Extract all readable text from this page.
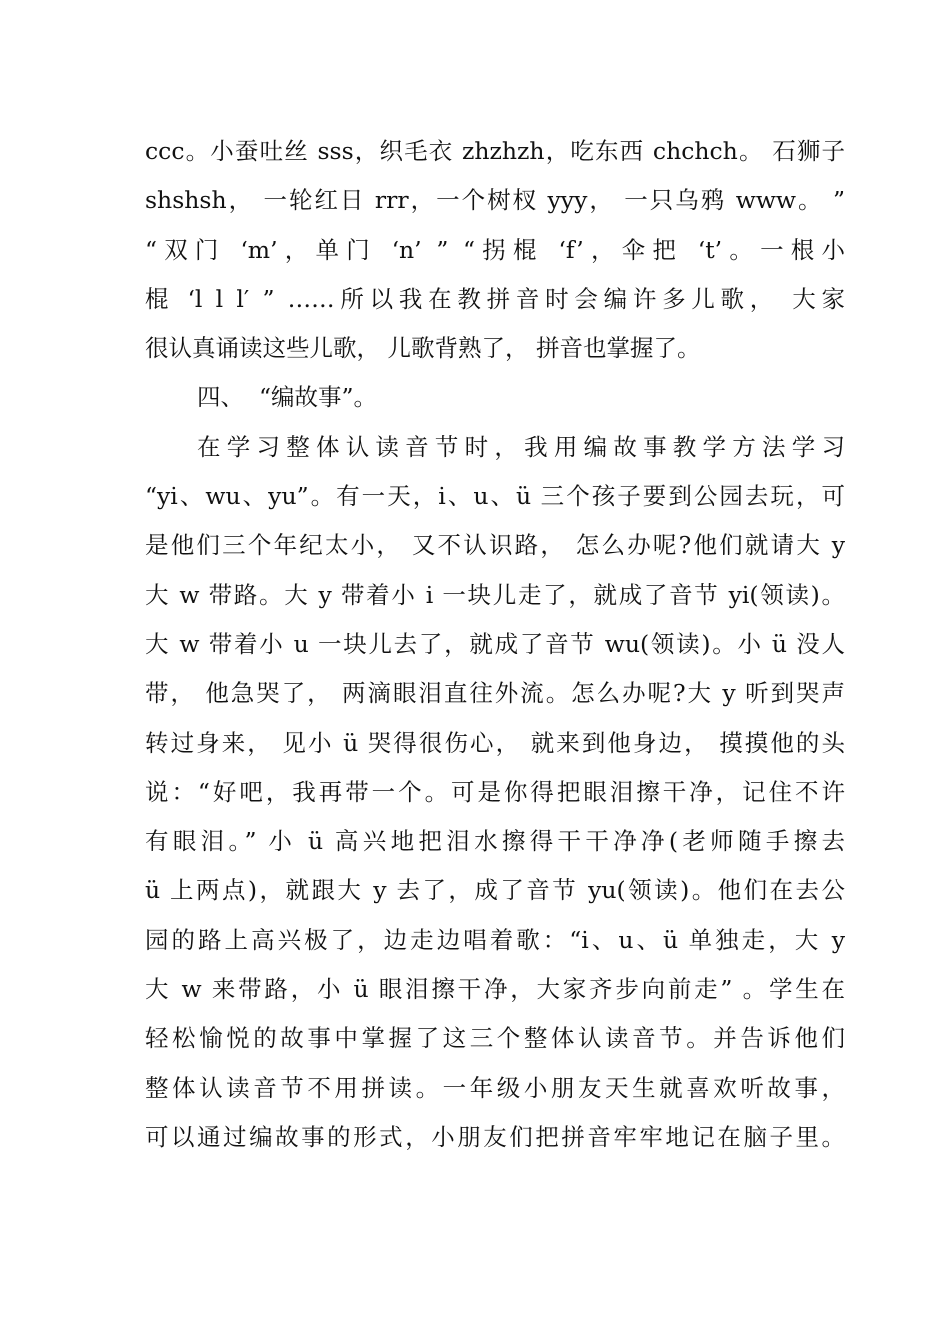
ccc。小蚕吐丝 sss，织毛衣 zhzhzh，吃东西 chchch。 石狮子
shshsh， 一轮红日 rrr，一个树杈 yyy， 一只乌鸦 www。 ”
“双门 ‘m’，单门 ‘n’ ” “拐棍 ‘f’，伞把 ‘t’。一根小
棍 ‘l l l′ ” ……所以我在教拼音时会编许多儿歌， 大家
很认真诵读这些儿歌， 儿歌背熟了， 拼音也掌握了。
四、  “编故事”。
在学习整体认读音节时，我用编故事教学方法学习
“yi、wu、yu”。有一天，i、u、ü 三个孩子要到公园去玩，可
是他们三个年纪太小， 又不认识路， 怎么办呢?他们就请大 y
大 w 带路。大 y 带着小 i 一块儿走了，就成了音节 yi(领读)。
大 w 带着小 u 一块儿去了，就成了音节 wu(领读)。小 ü 没人
带， 他急哭了， 两滴眼泪直往外流。怎么办呢?大 y 听到哭声
转过身来， 见小 ü 哭得很伤心， 就来到他身边， 摸摸他的头
说：“好吧，我再带一个。可是你得把眼泪擦干净，记住不许
有眼泪。” 小 ü 高兴地把泪水擦得干干净净(老师随手擦去
ü 上两点)，就跟大 y 去了，成了音节 yu(领读)。他们在去公
园的路上高兴极了，边走边唱着歌：“i、u、ü 单独走，大 y
大 w 来带路，小 ü 眼泪擦干净，大家齐步向前走” 。学生在
轻松愉悦的故事中掌握了这三个整体认读音节。并告诉他们
整体认读音节不用拼读。一年级小朋友天生就喜欢听故事，
可以通过编故事的形式，小朋友们把拼音牢牢地记在脑子里。
